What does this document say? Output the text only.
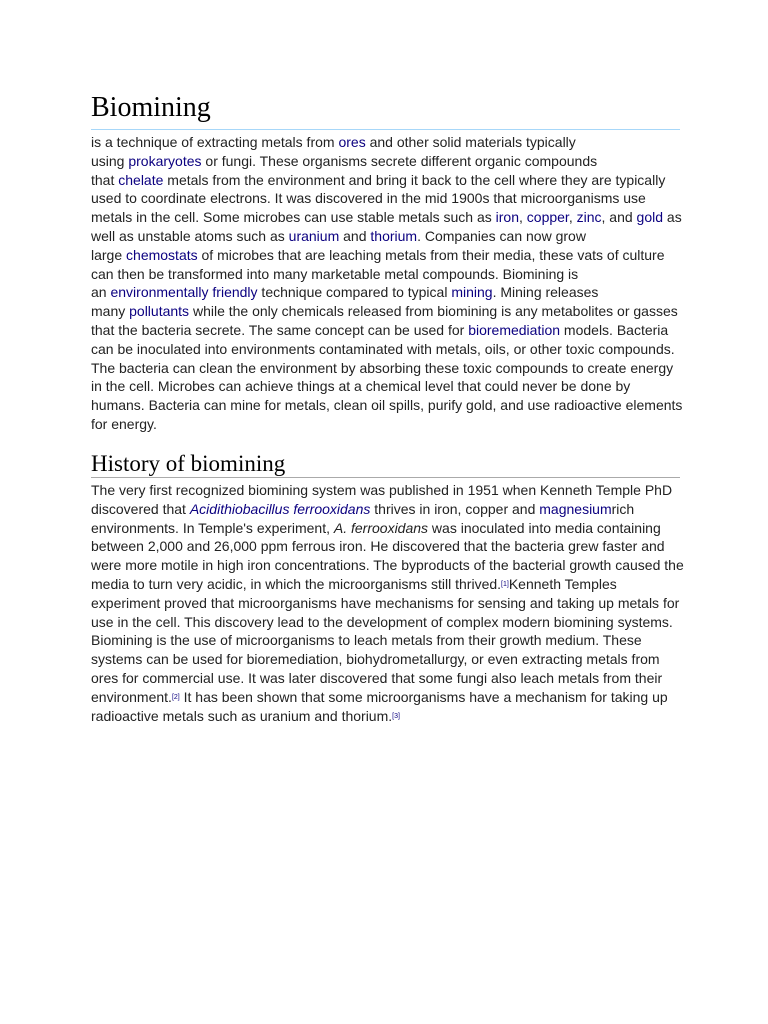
Biomining

is a technique of extracting metals from ores and other solid materials typically
using prokaryotes or fungi. These organisms secrete different organic compounds
that chelate metals from the environment and bring it back to the cell where they are typically
used to coordinate electrons. It was discovered in the mid 1900s that microorganisms use
metals in the cell. Some microbes can use stable metals such as iron, copper, zinc, and gold as
well as unstable atoms such as uranium and thorium. Companies can now grow
large chemostats of microbes that are leaching metals from their media, these vats of culture
can then be transformed into many marketable metal compounds. Biomining is
an environmentally friendly technique compared to typical mining. Mining releases
many pollutants while the only chemicals released from biomining is any metabolites or gasses
that the bacteria secrete. The same concept can be used for bioremediation models. Bacteria
can be inoculated into environments contaminated with metals, oils, or other toxic compounds.
The bacteria can clean the environment by absorbing these toxic compounds to create energy
in the cell. Microbes can achieve things at a chemical level that could never be done by
humans. Bacteria can mine for metals, clean oil spills, purify gold, and use radioactive elements
for energy.

History of biomining

The very first recognized biomining system was published in 1951 when Kenneth Temple PhD
discovered that Acidithiobacillus ferrooxidans thrives in iron, copper and magnesiumrich
environments. In Temple's experiment, A. ferrooxidans was inoculated into media containing
between 2,000 and 26,000 ppm ferrous iron. He discovered that the bacteria grew faster and
were more motile in high iron concentrations. The byproducts of the bacterial growth caused the
media to turn very acidic, in which the microorganisms still thrived.[1]Kenneth Temples
experiment proved that microorganisms have mechanisms for sensing and taking up metals for
use in the cell. This discovery lead to the development of complex modern biomining systems.
Biomining is the use of microorganisms to leach metals from their growth medium. These
systems can be used for bioremediation, biohydrometallurgy, or even extracting metals from
ores for commercial use. It was later discovered that some fungi also leach metals from their
environment.[2] It has been shown that some microorganisms have a mechanism for taking up
radioactive metals such as uranium and thorium.[3]
